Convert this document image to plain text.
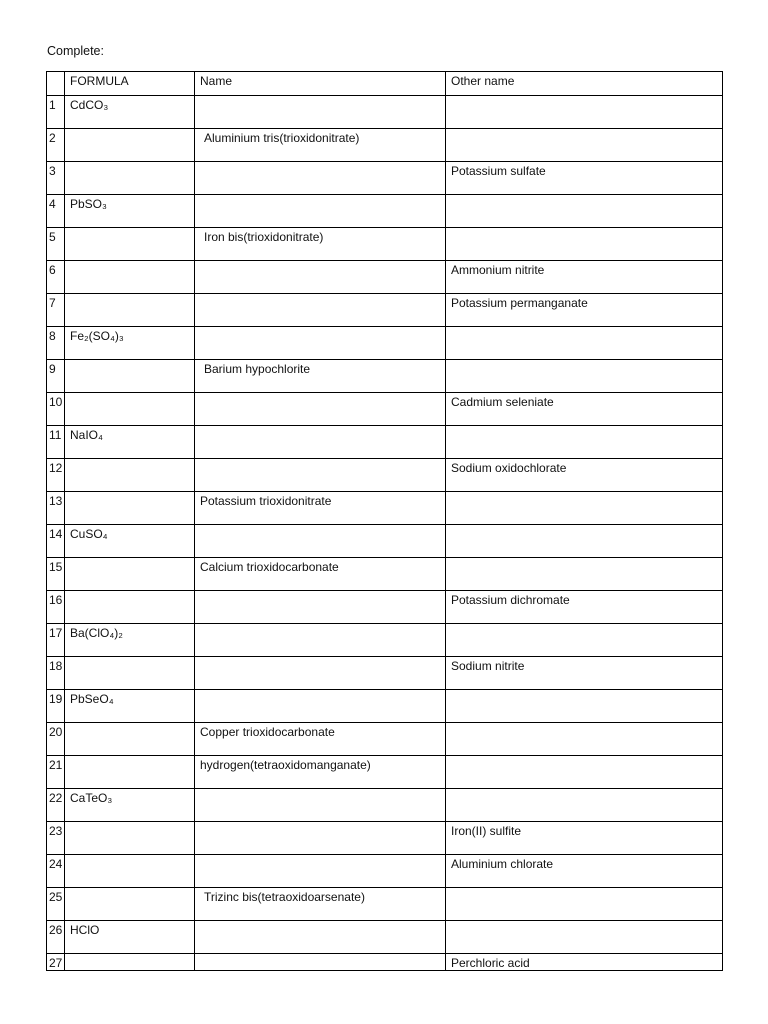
Complete:
	FORMULA	Name	Other name
1	CdCO₃		
2		Aluminium tris(trioxidonitrate)	
3			Potassium sulfate
4	PbSO₃		
5		Iron bis(trioxidonitrate)	
6			Ammonium nitrite
7			Potassium permanganate
8	Fe₂(SO₄)₃		
9		Barium hypochlorite	
10			Cadmium seleniate
11	NaIO₄		
12			Sodium oxidochlorate
13		Potassium trioxidonitrate	
14	CuSO₄		
15		Calcium trioxidocarbonate	
16			Potassium dichromate
17	Ba(ClO₄)₂		
18			Sodium nitrite
19	PbSeO₄		
20		Copper trioxidocarbonate	
21		hydrogen(tetraoxidomanganate)	
22	CaTeO₃		
23			Iron(II) sulfite
24			Aluminium chlorate
25		Trizinc bis(tetraoxidoarsenate)	
26	HClO		
27			Perchloric acid
